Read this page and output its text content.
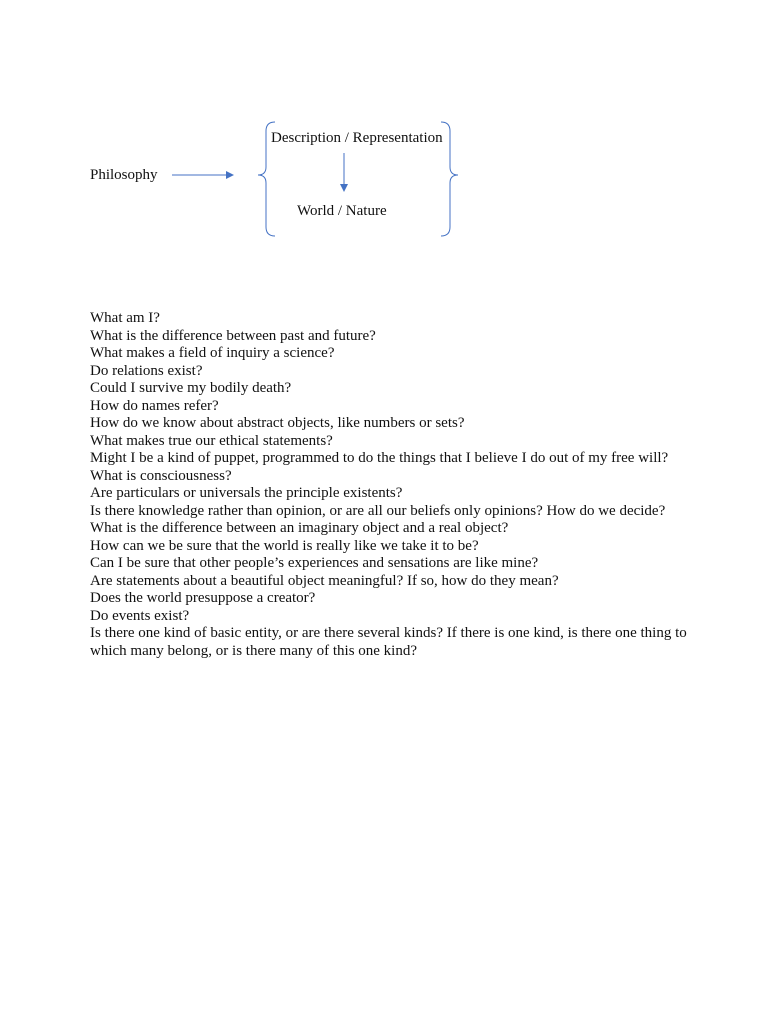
Philosophy
Description / Representation
World / Nature

What am I?

What is the difference between past and future?

What makes a field of inquiry a science?

Do relations exist?

Could I survive my bodily death?

How do names refer?

How do we know about abstract objects, like numbers or sets?

What makes true our ethical statements?

Might I be a kind of puppet, programmed to do the things that I believe I do out of my free will?

What is consciousness?

Are particulars or universals the principle existents?

Is there knowledge rather than opinion, or are all our beliefs only opinions? How do we decide?

What is the difference between an imaginary object and a real object?

How can we be sure that the world is really like we take it to be?

Can I be sure that other people’s experiences and sensations are like mine?

Are statements about a beautiful object meaningful? If so, how do they mean?

Does the world presuppose a creator?

Do events exist?

Is there one kind of basic entity, or are there several kinds? If there is one kind, is there one thing to which many belong, or is there many of this one kind?
